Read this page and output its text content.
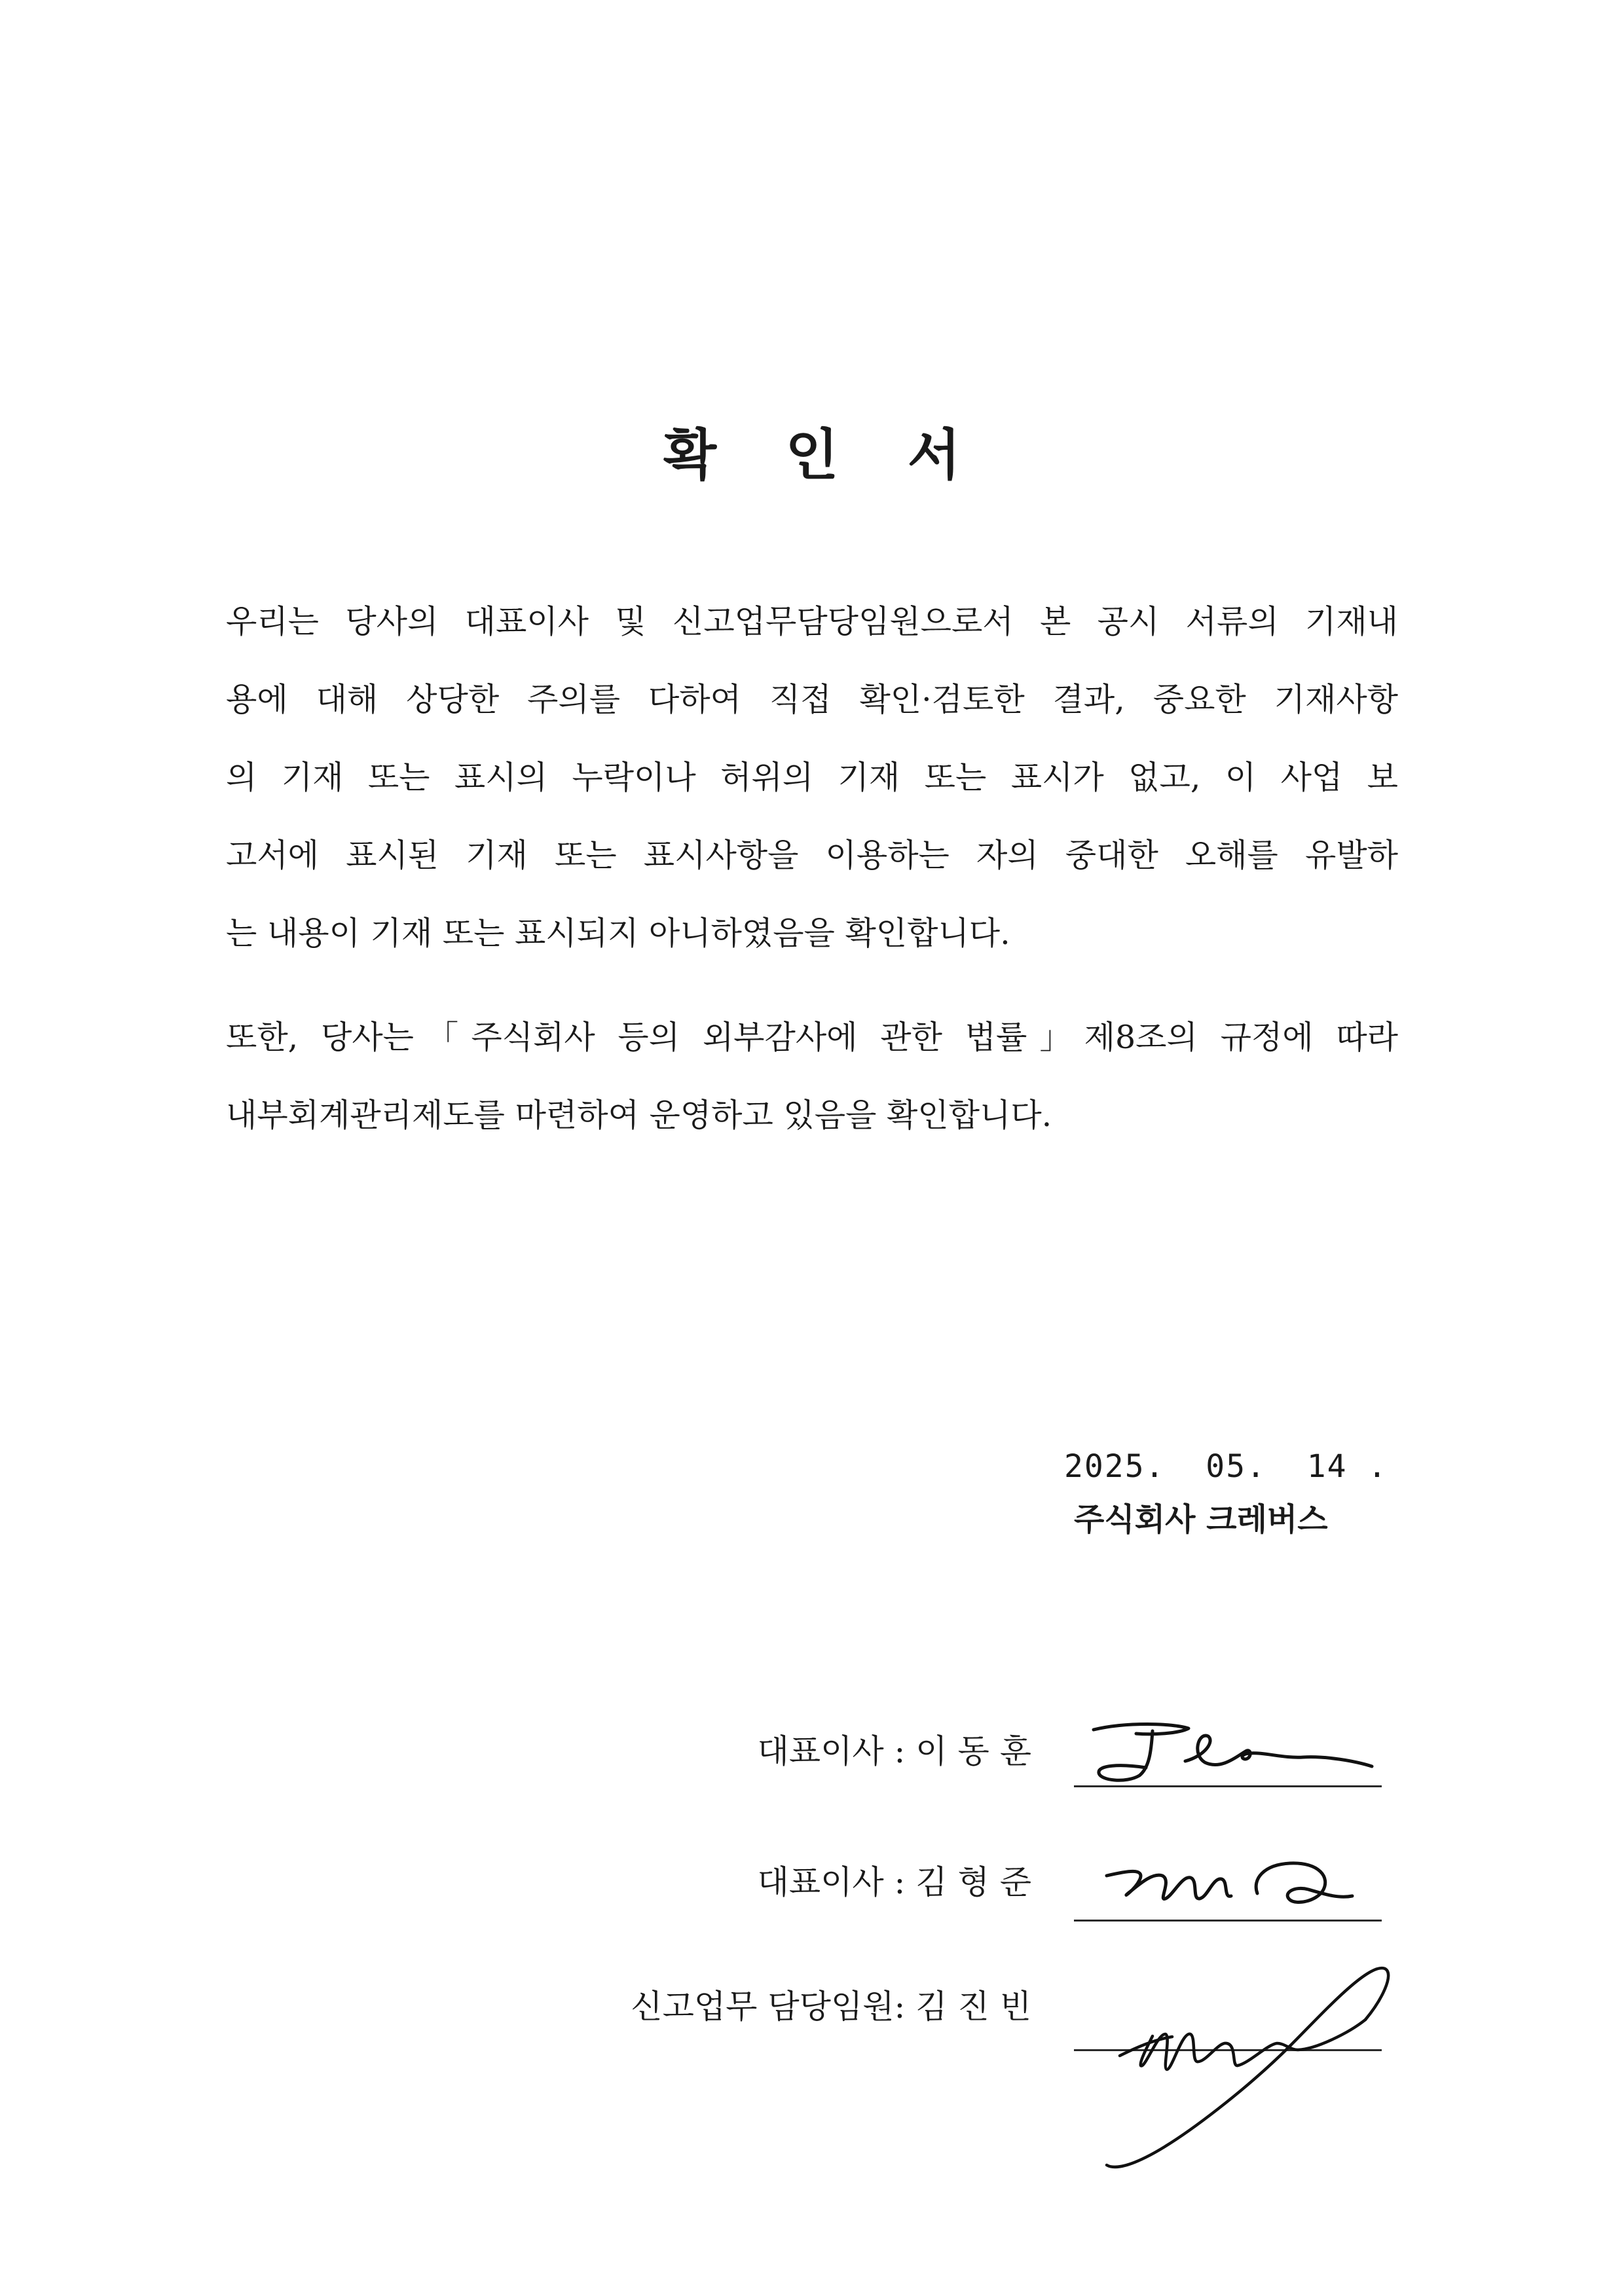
확 인 서
우리는 당사의 대표이사 및 신고업무담당임원으로서 본 공시 서류의 기재내
용에 대해 상당한 주의를 다하여 직접 확인·검토한 결과, 중요한 기재사항
의 기재 또는 표시의 누락이나 허위의 기재 또는 표시가 없고, 이 사업 보
고서에 표시된 기재 또는 표시사항을 이용하는 자의 중대한 오해를 유발하
는 내용이 기재 또는 표시되지 아니하였음을 확인합니다.
또한, 당사는「주식회사 등의 외부감사에 관한 법률」제8조의 규정에 따라
내부회계관리제도를 마련하여 운영하고 있음을 확인합니다.
2025.  05.  14 .
주식회사 크레버스
대표이사 : 이 동 훈
대표이사 : 김 형 준
신고업무 담당임원: 김 진 빈
